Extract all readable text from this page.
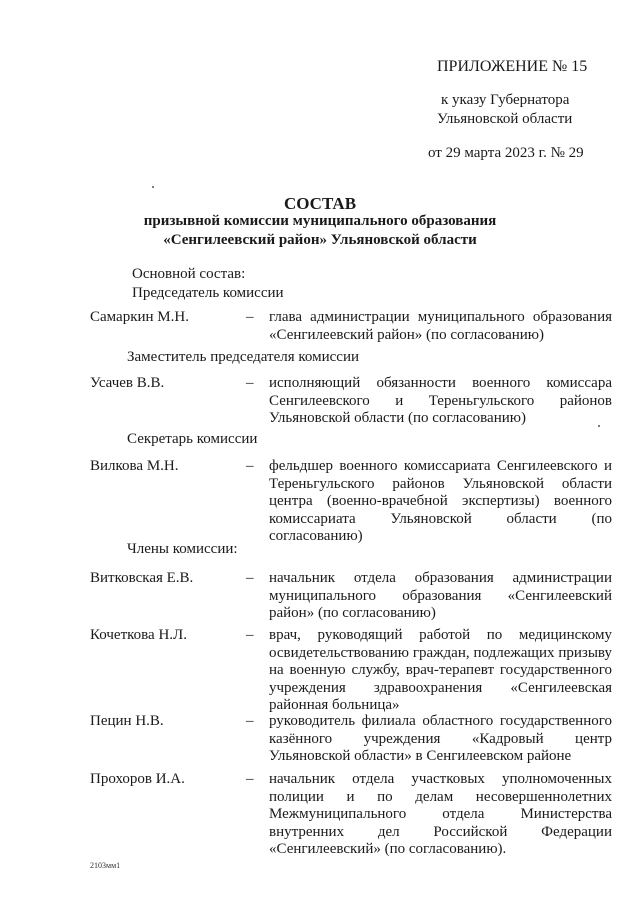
ПРИЛОЖЕНИЕ № 15
к указу Губернатора
Ульяновской области
от 29 марта 2023 г. № 29
СОСТАВ
призывной комиссии муниципального образования
«Сенгилеевский район» Ульяновской области
Основной состав:
Председатель комиссии
Самаркин М.Н.	– глава администрации муниципального образования «Сенгилеевский район» (по согласованию)
Заместитель председателя комиссии
Усачев В.В.	– исполняющий обязанности военного комиссара Сенгилеевского и Тереньгульского районов Ульяновской области (по согласованию)
Секретарь комиссии
Вилкова М.Н.	– фельдшер военного комиссариата Сенгилеевского и Тереньгульского районов Ульяновской области центра (военно-врачебной экспертизы) военного комиссариата Ульяновской области (по согласованию)
Члены комиссии:
Витковская Е.В.	– начальник отдела образования администрации муниципального образования «Сенгилеевский район» (по согласованию)
Кочеткова Н.Л.	– врач, руководящий работой по медицинскому освидетельствованию граждан, подлежащих призыву на военную службу, врач-терапевт государственного учреждения здравоохранения «Сенгилеевская районная больница»
Пецин Н.В.	– руководитель филиала областного государственного казённого учреждения «Кадровый центр Ульяновской области» в Сенгилеевском районе
Прохоров И.А.	– начальник отдела участковых уполномоченных полиции и по делам несовершеннолетних Межмуниципального отдела Министерства внутренних дел Российской Федерации «Сенгилеевский» (по согласованию).
2103мм1
